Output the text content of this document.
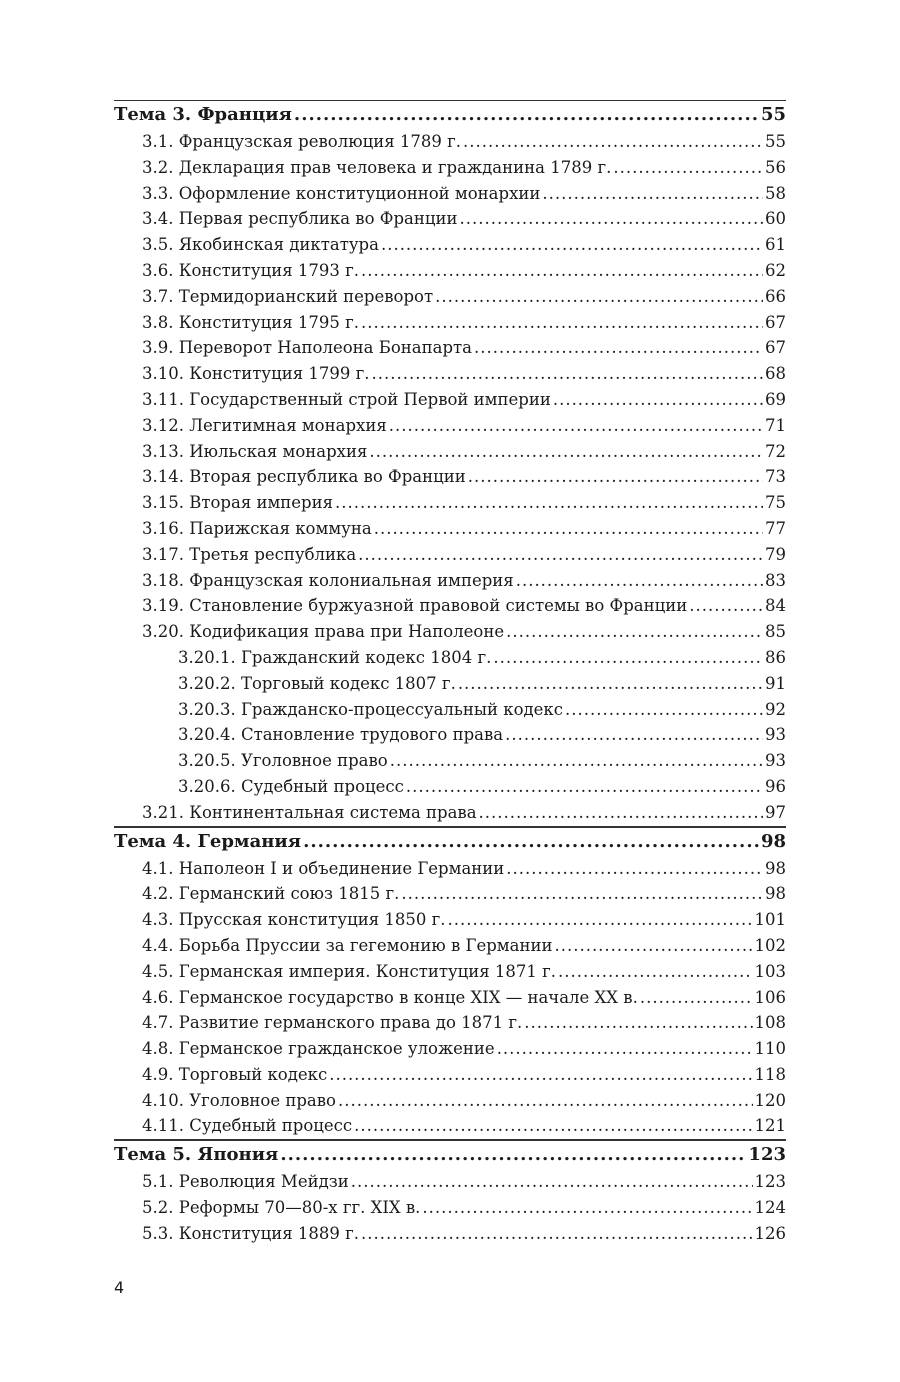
Тема 3. Франция .....	55
3.1. Французская революция 1789 г. .....	55
3.2. Декларация прав человека и гражданина 1789 г. .....	56
3.3. Оформление конституционной монархии .....	58
3.4. Первая республика во Франции .....	60
3.5. Якобинская диктатура .....	61
3.6. Конституция 1793 г. .....	62
3.7. Термидорианский переворот .....	66
3.8. Конституция 1795 г. .....	67
3.9. Переворот Наполеона Бонапарта .....	67
3.10. Конституция 1799 г. .....	68
3.11. Государственный строй Первой империи .....	69
3.12. Легитимная монархия .....	71
3.13. Июльская монархия .....	72
3.14. Вторая республика во Франции .....	73
3.15. Вторая империя .....	75
3.16. Парижская коммуна .....	77
3.17. Третья республика .....	79
3.18. Французская колониальная империя .....	83
3.19. Становление буржуазной правовой системы во Франции .....	84
3.20. Кодификация права при Наполеоне .....	85
3.20.1. Гражданский кодекс 1804 г. .....	86
3.20.2. Торговый кодекс 1807 г. .....	91
3.20.3. Гражданско-процессуальный кодекс .....	92
3.20.4. Становление трудового права .....	93
3.20.5. Уголовное право .....	93
3.20.6. Судебный процесс .....	96
3.21. Континентальная система права .....	97
Тема 4. Германия .....	98
4.1. Наполеон I и объединение Германии .....	98
4.2. Германский союз 1815 г. .....	98
4.3. Прусская конституция 1850 г. .....	101
4.4. Борьба Пруссии за гегемонию в Германии .....	102
4.5. Германская империя. Конституция 1871 г. .....	103
4.6. Германское государство в конце XIX — начале XX в. .....	106
4.7. Развитие германского права до 1871 г. .....	108
4.8. Германское гражданское уложение .....	110
4.9. Торговый кодекс .....	118
4.10. Уголовное право .....	120
4.11. Судебный процесс .....	121
Тема 5. Япония .....	123
5.1. Революция Мейдзи .....	123
5.2. Реформы 70—80-х гг. XIX в. .....	124
5.3. Конституция 1889 г. .....	126
4
